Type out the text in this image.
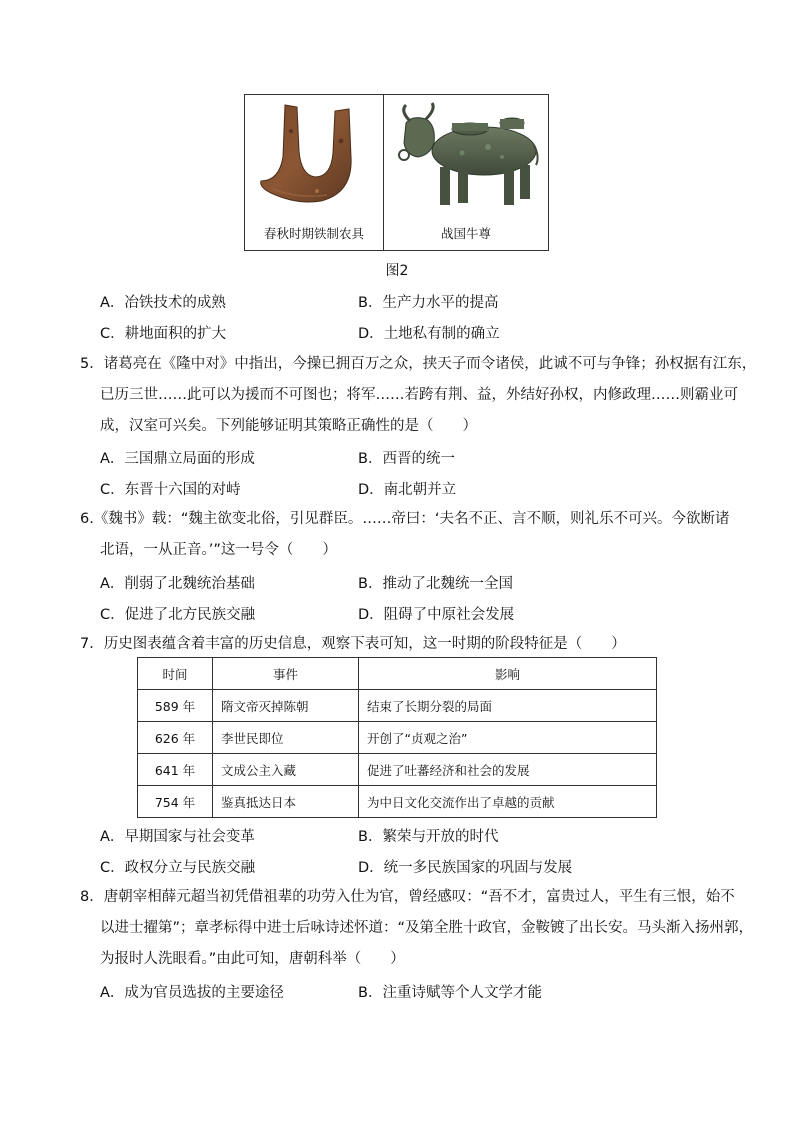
春秋时期铁制农具	战国牛尊
图2
A．冶铁技术的成熟	B．生产力水平的提高
C．耕地面积的扩大	D．土地私有制的确立
5．诸葛亮在《隆中对》中指出，今操已拥百万之众，挟天子而令诸侯，此诚不可与争锋；孙权据有江东，
已历三世……此可以为援而不可图也；将军……若跨有荆、益，外结好孙权，内修政理……则霸业可
成，汉室可兴矣。下列能够证明其策略正确性的是（　　）
A．三国鼎立局面的形成	B．西晋的统一
C．东晋十六国的对峙	D．南北朝并立
6.《魏书》载：“魏主欲变北俗，引见群臣。……帝曰：‘夫名不正、言不顺，则礼乐不可兴。今欲断诸
北语，一从正音。’”这一号令（　　）
A．削弱了北魏统治基础	B．推动了北魏统一全国
C．促进了北方民族交融	D．阻碍了中原社会发展
7．历史图表蕴含着丰富的历史信息，观察下表可知，这一时期的阶段特征是（　　）
时间	事件	影响
589 年	隋文帝灭掉陈朝	结束了长期分裂的局面
626 年	李世民即位	开创了“贞观之治”
641 年	文成公主入藏	促进了吐蕃经济和社会的发展
754 年	鉴真抵达日本	为中日文化交流作出了卓越的贡献
A．早期国家与社会变革	B．繁荣与开放的时代
C．政权分立与民族交融	D．统一多民族国家的巩固与发展
8．唐朝宰相薛元超当初凭借祖辈的功劳入仕为官，曾经感叹：“吾不才，富贵过人，平生有三恨，始不
以进士擢第”；章孝标得中进士后咏诗述怀道：“及第全胜十政官，金鞍镀了出长安。马头渐入扬州郭，
为报时人洗眼看。”由此可知，唐朝科举（　　）
A．成为官员选拔的主要途径	B．注重诗赋等个人文学才能
